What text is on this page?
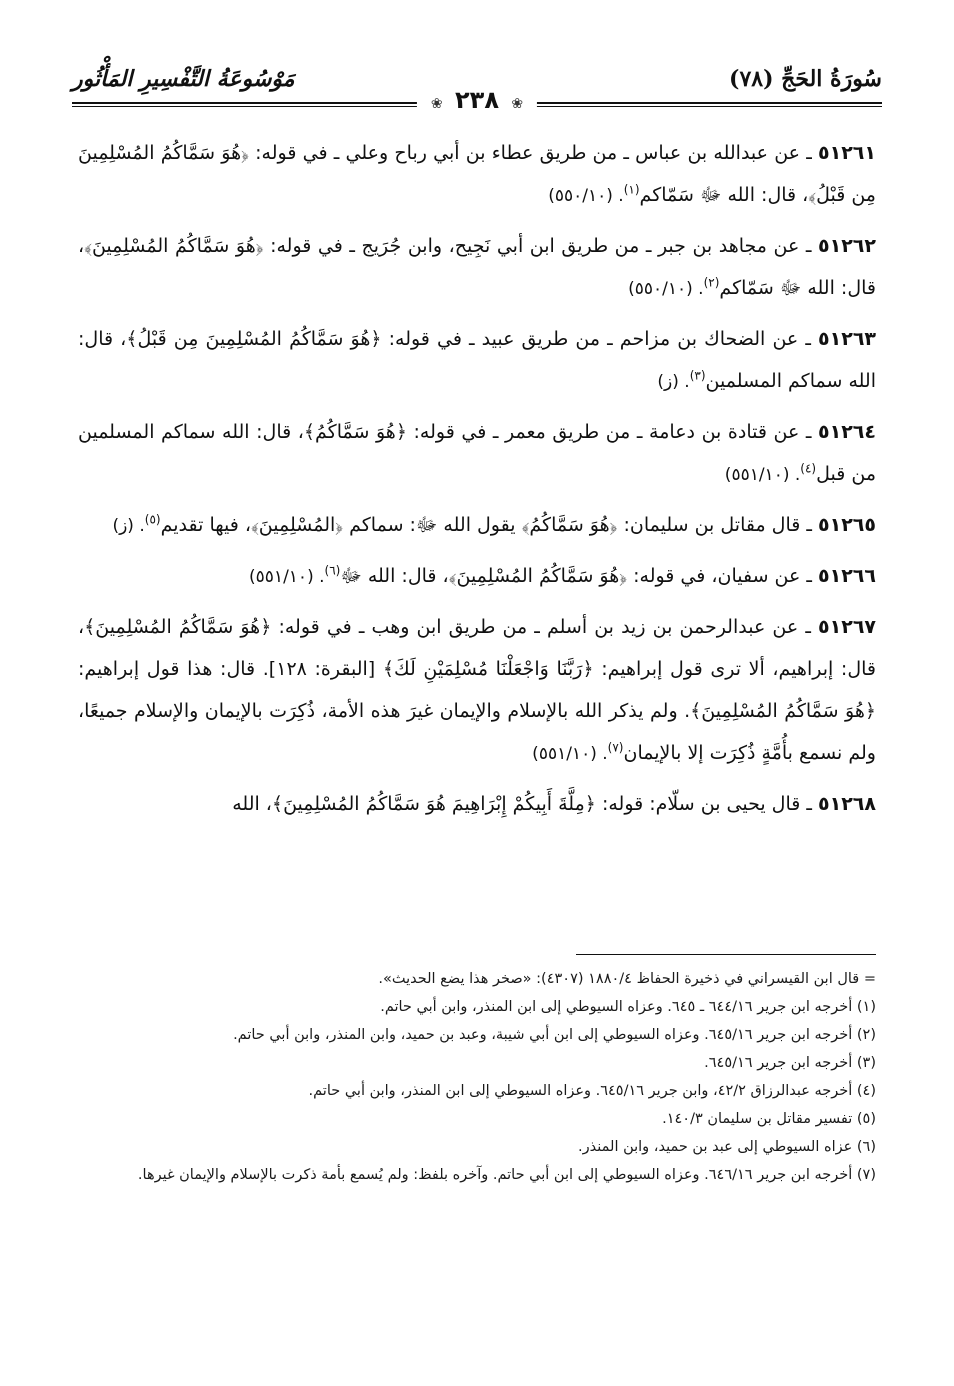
سُورَةُ الحَجِّ (٧٨)
❀ ٢٣٨ ❀
مَوْسُوعَةُ التَّفْسِيرِ المَأْثُور

٥١٢٦١ ـ عن عبدالله بن عباس ـ من طريق عطاء بن أبي رباح وعلي ـ في قوله: ﴿هُوَ سَمَّاكُمُ المُسْلِمِينَ مِن قَبْلُ﴾، قال: الله ﷻ سَمّاكم$^{(١)}$. (٥٥٠/١٠)

٥١٢٦٢ ـ عن مجاهد بن جبر ـ من طريق ابن أبي نَجِيح، وابن جُرَيج ـ في قوله: ﴿هُوَ سَمَّاكُمُ المُسْلِمِينَ﴾، قال: الله ﷻ سَمّاكم$^{(٢)}$. (٥٥٠/١٠)

٥١٢٦٣ ـ عن الضحاك بن مزاحم ـ من طريق عبيد ـ في قوله: ﴿هُوَ سَمَّاكُمُ المُسْلِمِينَ مِن قَبْلُ﴾، قال: الله سماكم المسلمين$^{(٣)}$. (ز)

٥١٢٦٤ ـ عن قتادة بن دعامة ـ من طريق معمر ـ في قوله: ﴿هُوَ سَمَّاكُمُ﴾، قال: الله سماكم المسلمين من قبل$^{(٤)}$. (٥٥١/١٠)

٥١٢٦٥ ـ قال مقاتل بن سليمان: ﴿هُوَ سَمَّاكُمُ﴾ يقول الله ﷻ: سماكم ﴿المُسْلِمِينَ﴾، فيها تقديم$^{(٥)}$. (ز)

٥١٢٦٦ ـ عن سفيان، في قوله: ﴿هُوَ سَمَّاكُمُ المُسْلِمِينَ﴾، قال: الله ﷻ$^{(٦)}$. (٥٥١/١٠)

٥١٢٦٧ ـ عن عبدالرحمن بن زيد بن أسلم ـ من طريق ابن وهب ـ في قوله: ﴿هُوَ سَمَّاكُمُ المُسْلِمِينَ﴾، قال: إبراهيم، ألا ترى قول إبراهيم: ﴿رَبَّنَا وَاجْعَلْنَا مُسْلِمَيْنِ لَكَ﴾ [البقرة: ١٢٨]. قال: هذا قول إبراهيم: ﴿هُوَ سَمَّاكُمُ المُسْلِمِينَ﴾. ولم يذكر الله بالإسلام والإيمان غيرَ هذه الأمة، ذُكِرَت بالإيمان والإسلام جميعًا، ولم نسمع بأُمَّةٍ ذُكِرَت إلا بالإيمان$^{(٧)}$. (٥٥١/١٠)

٥١٢٦٨ ـ قال يحيى بن سلّام: قوله: ﴿مِلَّةَ أَبِيكُمْ إِبْرَاهِيمَ هُوَ سَمَّاكُمُ المُسْلِمِينَ﴾، الله

= قال ابن القيسراني في ذخيرة الحفاظ ١٨٨٠/٤ (٤٣٠٧): «صخر هذا يضع الحديث».
(١) أخرجه ابن جرير ٦٤٤/١٦ ـ ٦٤٥. وعزاه السيوطي إلى ابن المنذر، وابن أبي حاتم.
(٢) أخرجه ابن جرير ٦٤٥/١٦. وعزاه السيوطي إلى ابن أبي شيبة، وعبد بن حميد، وابن المنذر، وابن أبي حاتم.
(٣) أخرجه ابن جرير ٦٤٥/١٦.
(٤) أخرجه عبدالرزاق ٤٢/٢، وابن جرير ٦٤٥/١٦. وعزاه السيوطي إلى ابن المنذر، وابن أبي حاتم.
(٥) تفسير مقاتل بن سليمان ١٤٠/٣.
(٦) عزاه السيوطي إلى عبد بن حميد، وابن المنذر.
(٧) أخرجه ابن جرير ٦٤٦/١٦. وعزاه السيوطي إلى ابن أبي حاتم. وآخره بلفظ: ولم يُسمع بأمة ذكرت بالإسلام والإيمان غيرها.
